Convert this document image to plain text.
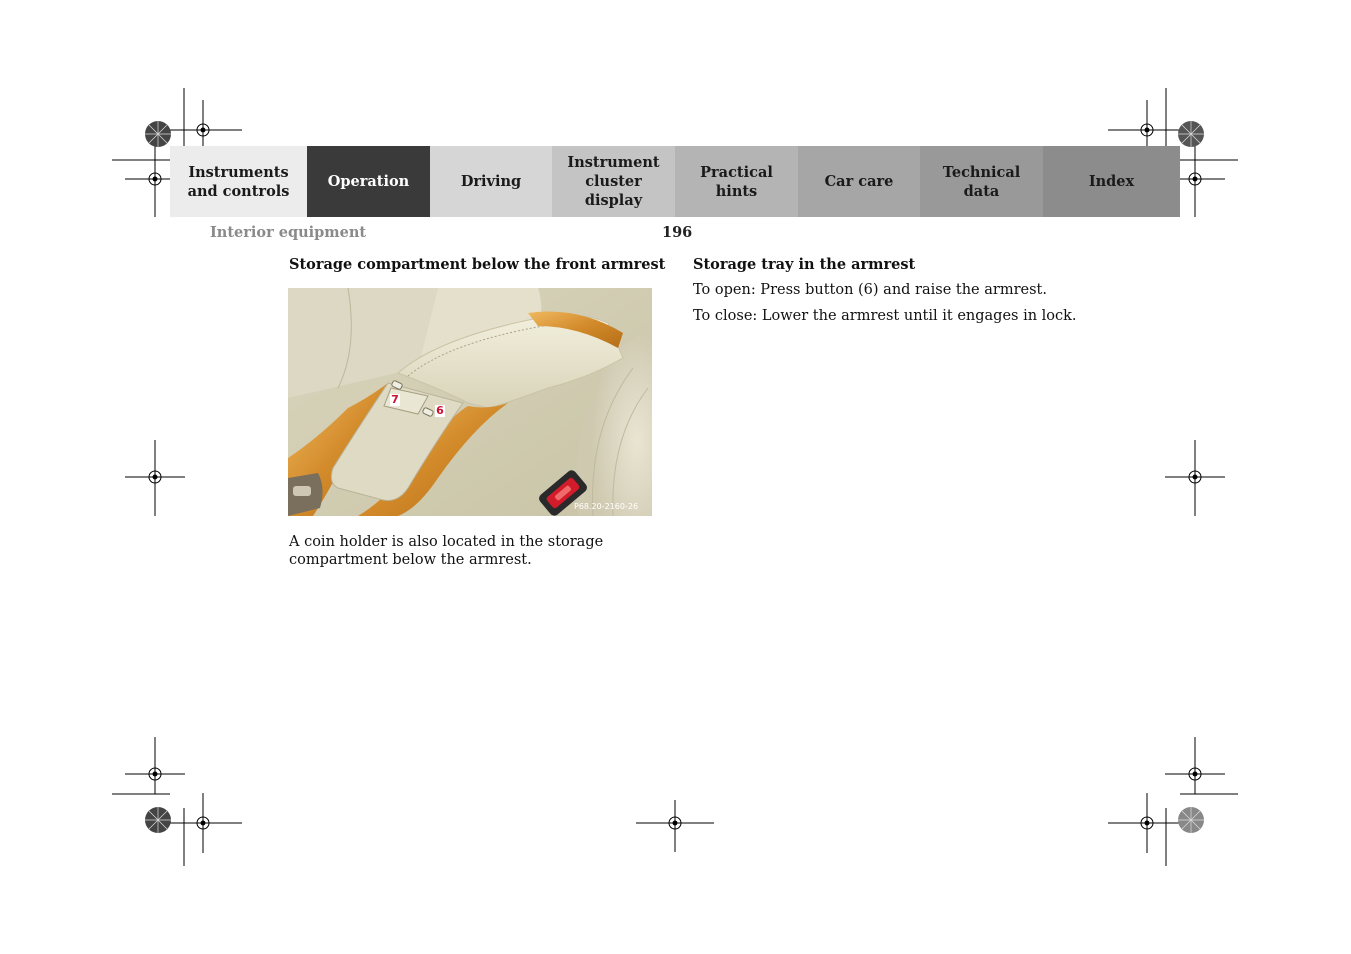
Instruments
and controls
Operation	Driving
Instrument
cluster display
Practical hints
Car care
Technical
data
Index
Interior equipment	196
Storage compartment below the front armrest
7
6
P68.20-2160-26
A coin holder is also located in the storage compartment below the armrest.
Storage tray in the armrest
To open: Press button (6) and raise the armrest.
To close: Lower the armrest until it engages in lock.
